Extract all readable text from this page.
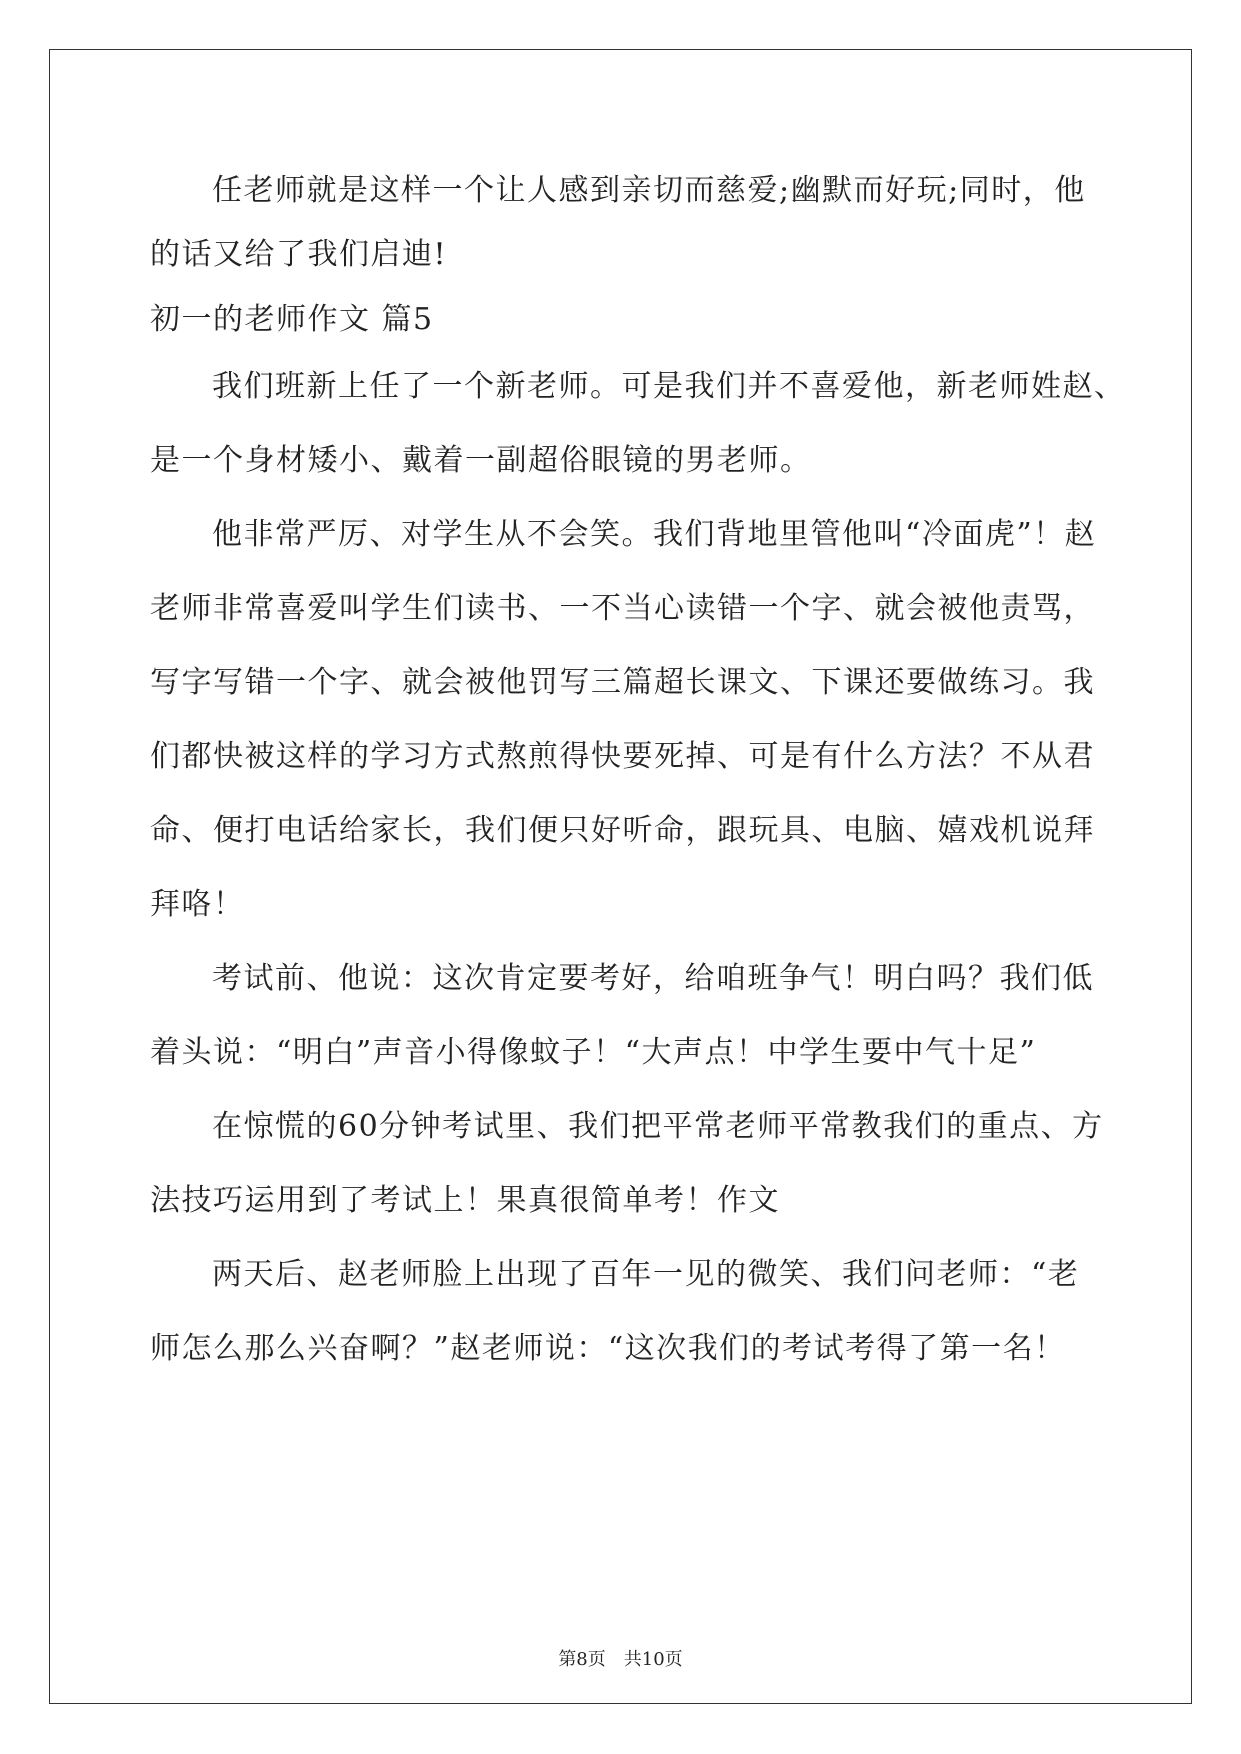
任老师就是这样一个让人感到亲切而慈爱;幽默而好玩;同时，他

的话又给了我们启迪!

初一的老师作文 篇5

我们班新上任了一个新老师。可是我们并不喜爱他，新老师姓赵、

是一个身材矮小、戴着一副超俗眼镜的男老师。

他非常严厉、对学生从不会笑。我们背地里管他叫“冷面虎”！赵

老师非常喜爱叫学生们读书、一不当心读错一个字、就会被他责骂，

写字写错一个字、就会被他罚写三篇超长课文、下课还要做练习。我

们都快被这样的学习方式熬煎得快要死掉、可是有什么方法？不从君

命、便打电话给家长，我们便只好听命，跟玩具、电脑、嬉戏机说拜

拜咯！

考试前、他说：这次肯定要考好，给咱班争气！明白吗？我们低

着头说：“明白”声音小得像蚊子！“大声点！中学生要中气十足”

在惊慌的60分钟考试里、我们把平常老师平常教我们的重点、方

法技巧运用到了考试上！果真很简单考！作文

两天后、赵老师脸上出现了百年一见的微笑、我们问老师：“老

师怎么那么兴奋啊？”赵老师说：“这次我们的考试考得了第一名！

第8页　共10页
